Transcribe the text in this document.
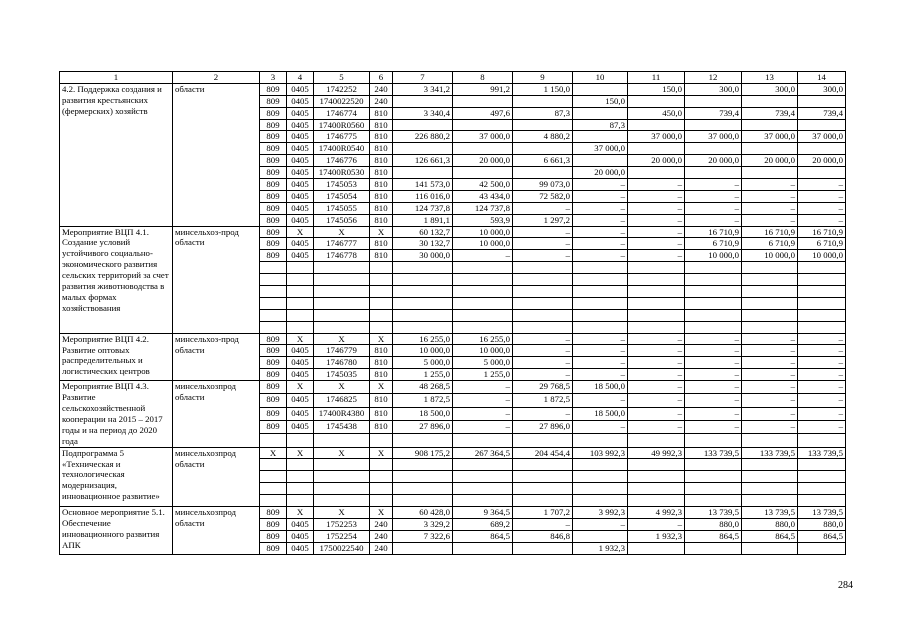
1	2	3	4	5	6	7	8	9	10	11	12	13	14
4.2. Поддержка создания и развития крестьянских (фермерских) хозяйств	области	809	0405	1742252	240	3 341,2	991,2	1 150,0		150,0	300,0	300,0	300,0
		809	0405	1740022520	240				150,0				
		809	0405	1746774	810	3 340,4	497,6	87,3		450,0	739,4	739,4	739,4
		809	0405	17400R0560	810				87,3				
		809	0405	1746775	810	226 880,2	37 000,0	4 880,2		37 000,0	37 000,0	37 000,0	37 000,0
		809	0405	17400R0540	810				37 000,0				
		809	0405	1746776	810	126 661,3	20 000,0	6 661,3		20 000,0	20 000,0	20 000,0	20 000,0
		809	0405	17400R0530	810				20 000,0				
		809	0405	1745053	810	141 573,0	42 500,0	99 073,0	–	–	–	–	–
		809	0405	1745054	810	116 016,0	43 434,0	72 582,0	–	–	–	–	–
		809	0405	1745055	810	124 737,8	124 737,8	–	–	–	–	–	–
		809	0405	1745056	810	1 891,1	593,9	1 297,2	–	–	–	–	–
Мероприятие ВЦП 4.1. Создание условий устойчивого социально-экономического развития сельских территорий за счет развития животноводства в малых формах хозяйствования	минсельхоз-прод области	809	X	X	X	60 132,7	10 000,0	–	–	–	16 710,9	16 710,9	16 710,9
		809	0405	1746777	810	30 132,7	10 000,0	–	–	–	6 710,9	6 710,9	6 710,9
		809	0405	1746778	810	30 000,0	–	–	–	–	10 000,0	10 000,0	10 000,0

Мероприятие ВЦП 4.2. Развитие оптовых распределительных и логистических центров	минсельхоз-прод области	809	X	X	X	16 255,0	16 255,0	–	–	–	–	–	–
		809	0405	1746779	810	10 000,0	10 000,0	–	–	–	–	–	–
		809	0405	1746780	810	5 000,0	5 000,0	–	–	–	–	–	–
		809	0405	1745035	810	1 255,0	1 255,0	–	–	–	–	–	–
Мероприятие ВЦП 4.3. Развитие сельскохозяйственной кооперации на 2015 – 2017 годы и на период до 2020 года	минсельхозпрод области	809	X	X	X	48 268,5	–	29 768,5	18 500,0	–	–	–	–
		809	0405	1746825	810	1 872,5	–	1 872,5	–	–	–	–	–
		809	0405	17400R4380	810	18 500,0	–	–	18 500,0	–	–	–	–
		809	0405	1745438	810	27 896,0	–	27 896,0	–	–	–	–	–

Подпрограмма 5 «Техническая и технологическая модернизация, инновационное развитие»	минсельхозпрод области	X	X	X	X	908 175,2	267 364,5	204 454,4	103 992,3	49 992,3	133 739,5	133 739,5	133 739,5

Основное мероприятие 5.1. Обеспечение инновационного развития АПК	минсельхозпрод области	809	X	X	X	60 428,0	9 364,5	1 707,2	3 992,3	4 992,3	13 739,5	13 739,5	13 739,5
		809	0405	1752253	240	3 329,2	689,2	–	–	–	880,0	880,0	880,0
		809	0405	1752254	240	7 322,6	864,5	846,8		1 932,3	864,5	864,5	864,5
		809	0405	1750022540	240				1 932,3				
284
